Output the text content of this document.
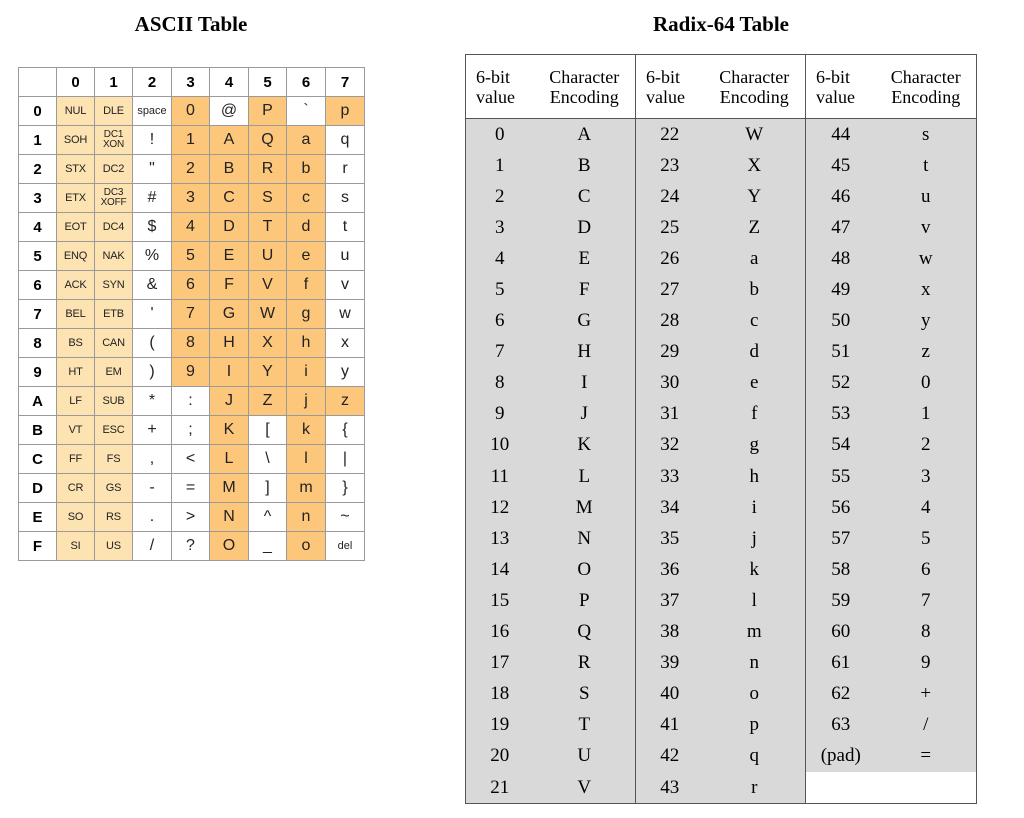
ASCII Table	Radix-64 Table
	0	1	2	3	4	5	6	7
0	NUL	DLE	space	0	@	P	`	p
1	SOH	DC1
XON	!	1	A	Q	a	q
2	STX	DC2	"	2	B	R	b	r
3	ETX	DC3
XOFF	#	3	C	S	c	s
4	EOT	DC4	$	4	D	T	d	t
5	ENQ	NAK	%	5	E	U	e	u
6	ACK	SYN	&	6	F	V	f	v
7	BEL	ETB	'	7	G	W	g	w
8	BS	CAN	(	8	H	X	h	x
9	HT	EM	)	9	I	Y	i	y
A	LF	SUB	*	:	J	Z	j	z
B	VT	ESC	+	;	K	[	k	{
C	FF	FS	,	<	L	\	l	|
D	CR	GS	-	=	M	]	m	}
E	SO	RS	.	>	N	^	n	~
F	SI	US	/	?	O	_	o	del
6-bit
value	Character
Encoding	6-bit
value	Character
Encoding	6-bit
value	Character
Encoding
0	A	22	W	44	s
1	B	23	X	45	t
2	C	24	Y	46	u
3	D	25	Z	47	v
4	E	26	a	48	w
5	F	27	b	49	x
6	G	28	c	50	y
7	H	29	d	51	z
8	I	30	e	52	0
9	J	31	f	53	1
10	K	32	g	54	2
11	L	33	h	55	3
12	M	34	i	56	4
13	N	35	j	57	5
14	O	36	k	58	6
15	P	37	l	59	7
16	Q	38	m	60	8
17	R	39	n	61	9
18	S	40	o	62	+
19	T	41	p	63	/
20	U	42	q	(pad)	=
21	V	43	r		
